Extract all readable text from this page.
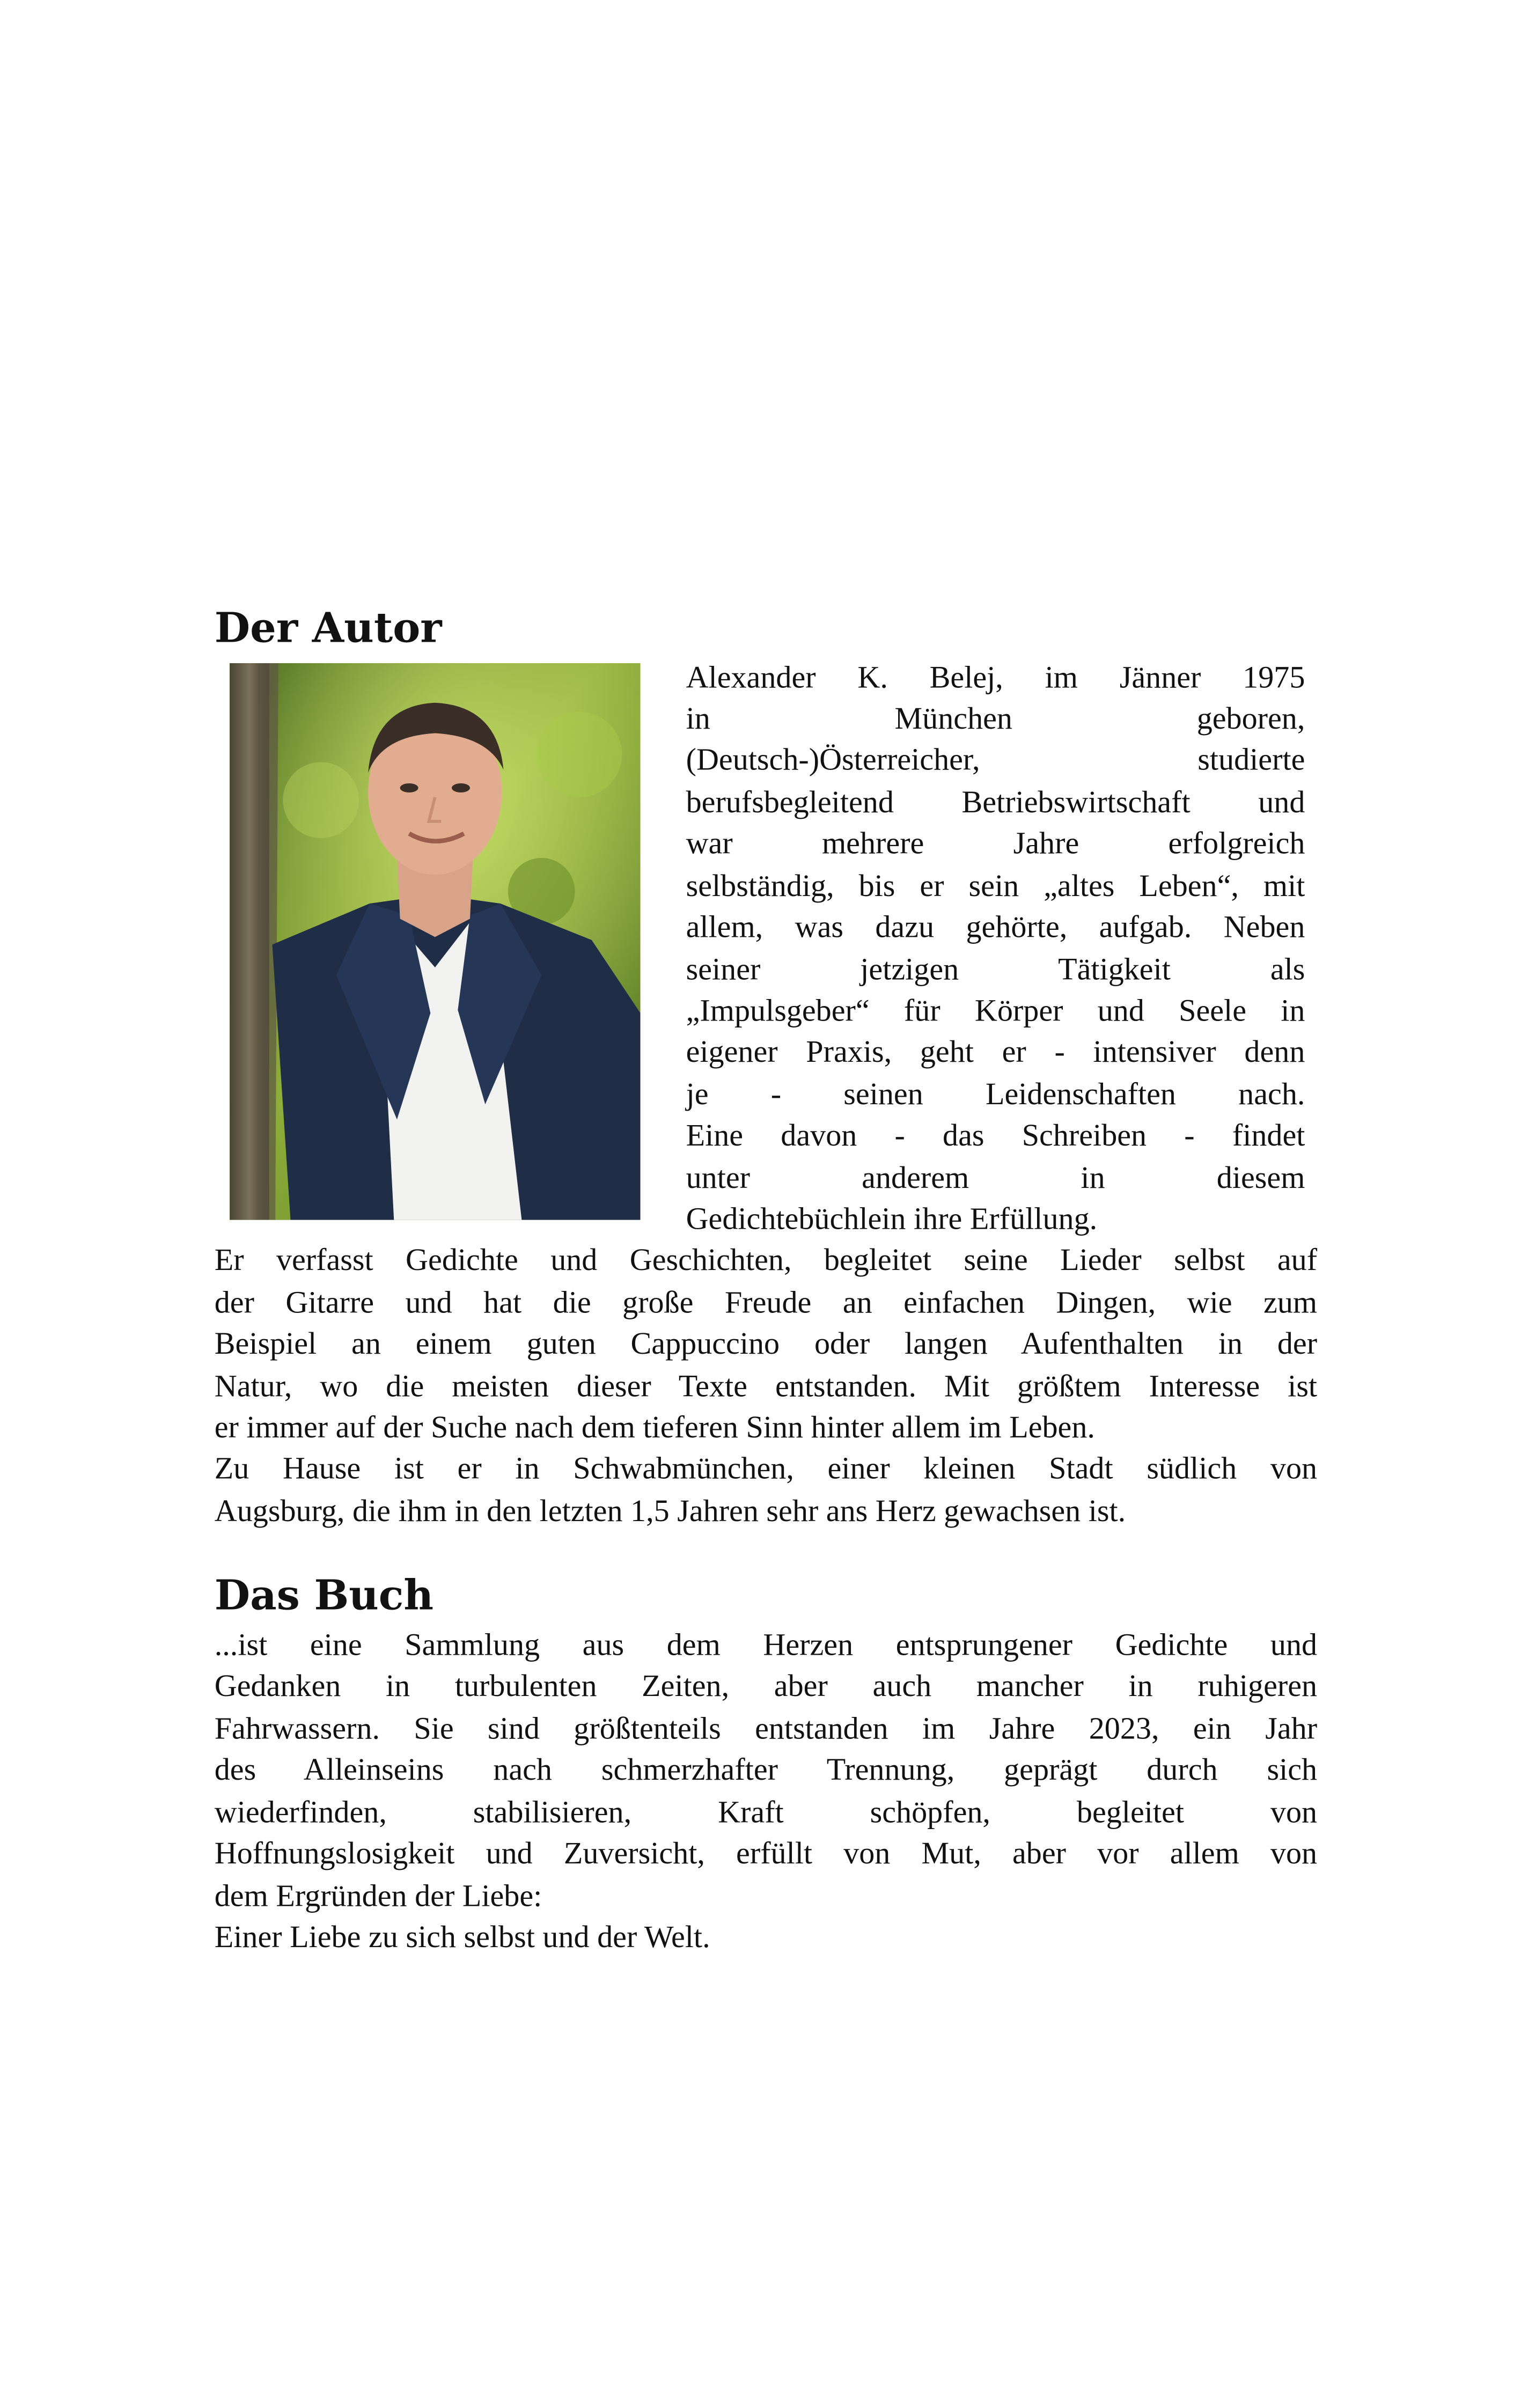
Der Autor
Alexander K. Belej, im Jänner 1975
in München geboren,
(Deutsch-)Österreicher, studierte
berufsbegleitend Betriebswirtschaft und
war mehrere Jahre erfolgreich
selbständig, bis er sein „altes Leben“, mit
allem, was dazu gehörte, aufgab. Neben
seiner jetzigen Tätigkeit als
„Impulsgeber“ für Körper und Seele in
eigener Praxis, geht er - intensiver denn
je - seinen Leidenschaften nach.
Eine davon - das Schreiben - findet
unter anderem in diesem
Gedichtebüchlein ihre Erfüllung.
Er verfasst Gedichte und Geschichten, begleitet seine Lieder selbst auf
der Gitarre und hat die große Freude an einfachen Dingen, wie zum
Beispiel an einem guten Cappuccino oder langen Aufenthalten in der
Natur, wo die meisten dieser Texte entstanden. Mit größtem Interesse ist
er immer auf der Suche nach dem tieferen Sinn hinter allem im Leben.
Zu Hause ist er in Schwabmünchen, einer kleinen Stadt südlich von
Augsburg, die ihm in den letzten 1,5 Jahren sehr ans Herz gewachsen ist.
Das Buch
...ist eine Sammlung aus dem Herzen entsprungener Gedichte und
Gedanken in turbulenten Zeiten, aber auch mancher in ruhigeren
Fahrwassern. Sie sind größtenteils entstanden im Jahre 2023, ein Jahr
des Alleinseins nach schmerzhafter Trennung, geprägt durch sich
wiederfinden, stabilisieren, Kraft schöpfen, begleitet von
Hoffnungslosigkeit und Zuversicht, erfüllt von Mut, aber vor allem von
dem Ergründen der Liebe:
Einer Liebe zu sich selbst und der Welt.
